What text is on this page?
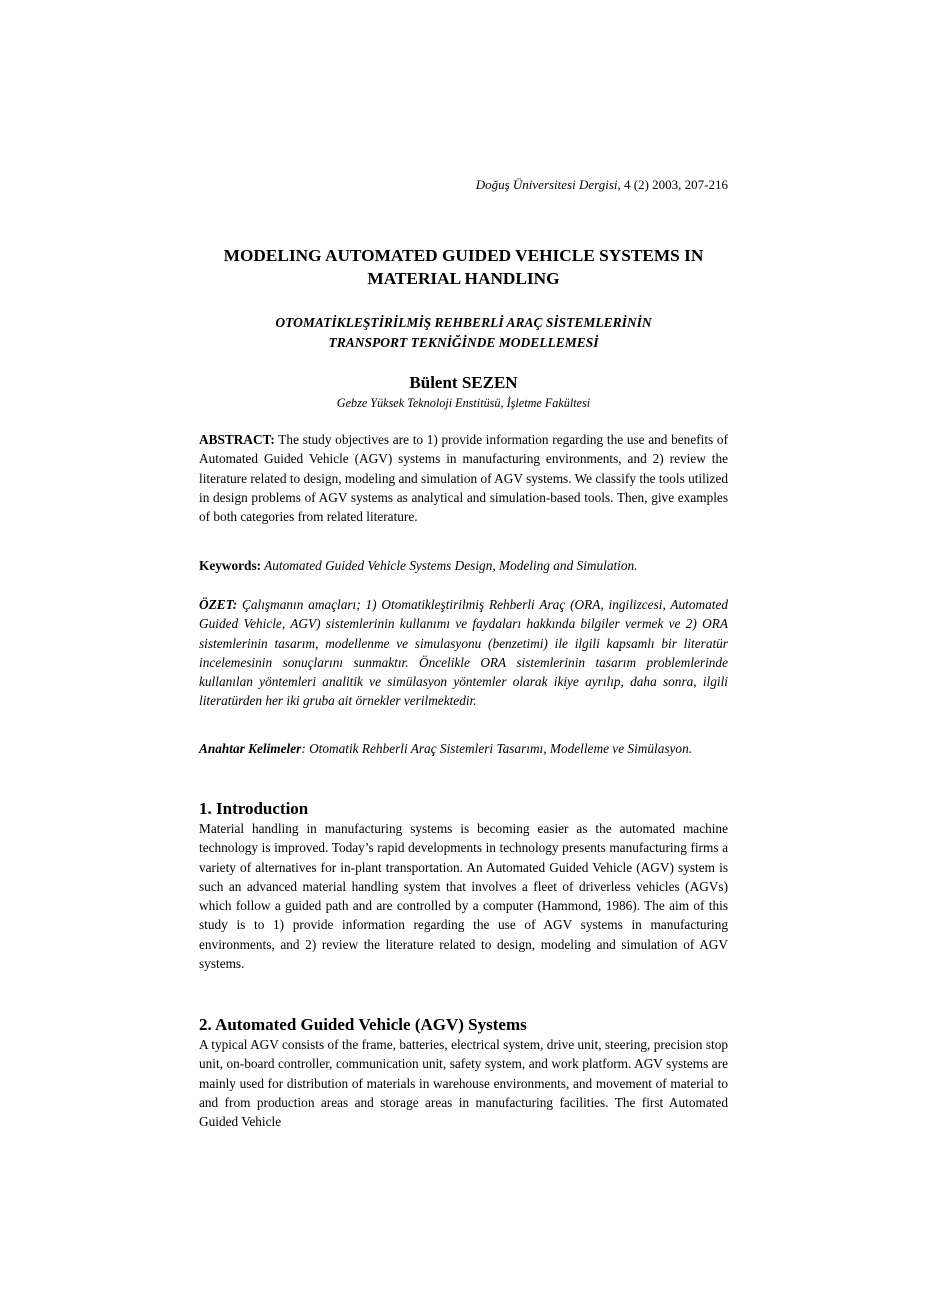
Doğuş Üniversitesi Dergisi, 4 (2) 2003, 207-216
MODELING AUTOMATED GUIDED VEHICLE SYSTEMS IN
MATERIAL HANDLING
OTOMATİKLEŞTİRİLMİŞ REHBERLİ ARAÇ SİSTEMLERİNİN
TRANSPORT TEKNİĞİNDE MODELLEMESİ
Bülent SEZEN
Gebze Yüksek Teknoloji Enstitüsü, İşletme Fakültesi
ABSTRACT: The study objectives are to 1) provide information regarding the use and benefits of Automated Guided Vehicle (AGV) systems in manufacturing environments, and 2) review the literature related to design, modeling and simulation of AGV systems. We classify the tools utilized in design problems of AGV systems as analytical and simulation-based tools. Then, give examples of both categories from related literature.
Keywords: Automated Guided Vehicle Systems Design, Modeling and Simulation.
ÖZET: Çalışmanın amaçları; 1) Otomatikleştirilmiş Rehberli Araç (ORA, ingilizcesi, Automated Guided Vehicle, AGV) sistemlerinin kullanımı ve faydaları hakkında bilgiler vermek ve 2) ORA sistemlerinin tasarım, modellenme ve simulasyonu (benzetimi) ile ilgili kapsamlı bir literatür incelemesinin sonuçlarını sunmaktır. Öncelikle ORA sistemlerinin tasarım problemlerinde kullanılan yöntemleri analitik ve simülasyon yöntemler olarak ikiye ayrılıp, daha sonra, ilgili literatürden her iki gruba ait örnekler verilmektedir.
Anahtar Kelimeler: Otomatik Rehberli Araç Sistemleri Tasarımı, Modelleme ve Simülasyon.
1. Introduction
Material handling in manufacturing systems is becoming easier as the automated machine technology is improved. Today’s rapid developments in technology presents manufacturing firms a variety of alternatives for in-plant transportation. An Automated Guided Vehicle (AGV) system is such an advanced material handling system that involves a fleet of driverless vehicles (AGVs) which follow a guided path and are controlled by a computer (Hammond, 1986). The aim of this study is to 1) provide information regarding the use of AGV systems in manufacturing environments, and 2) review the literature related to design, modeling and simulation of AGV systems.
2. Automated Guided Vehicle (AGV) Systems
A typical AGV consists of the frame, batteries, electrical system, drive unit, steering, precision stop unit, on-board controller, communication unit, safety system, and work platform. AGV systems are mainly used for distribution of materials in warehouse environments, and movement of material to and from production areas and storage areas in manufacturing facilities. The first Automated Guided Vehicle
